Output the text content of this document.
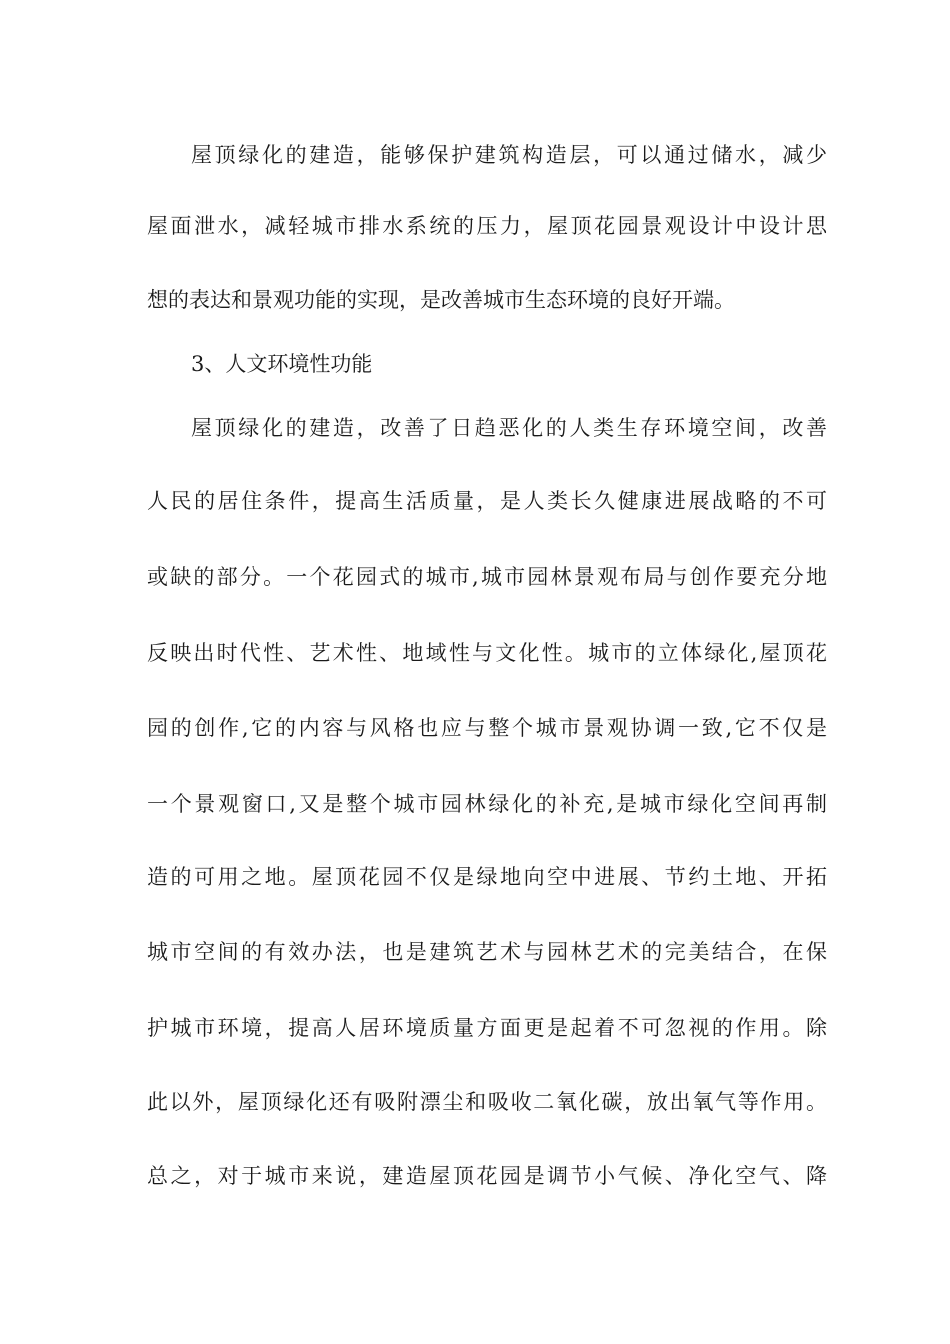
屋顶绿化的建造，能够保护建筑构造层，可以通过储水，减少
屋面泄水，减轻城市排水系统的压力，屋顶花园景观设计中设计思
想的表达和景观功能的实现，是改善城市生态环境的良好开端。
3、人文环境性功能
屋顶绿化的建造，改善了日趋恶化的人类生存环境空间，改善
人民的居住条件，提高生活质量，是人类长久健康进展战略的不可
或缺的部分。一个花园式的城市,城市园林景观布局与创作要充分地
反映出时代性、艺术性、地域性与文化性。城市的立体绿化,屋顶花
园的创作,它的内容与风格也应与整个城市景观协调一致,它不仅是
一个景观窗口,又是整个城市园林绿化的补充,是城市绿化空间再制
造的可用之地。屋顶花园不仅是绿地向空中进展、节约土地、开拓
城市空间的有效办法，也是建筑艺术与园林艺术的完美结合，在保
护城市环境，提高人居环境质量方面更是起着不可忽视的作用。除
此以外，屋顶绿化还有吸附漂尘和吸收二氧化碳，放出氧气等作用。
总之，对于城市来说，建造屋顶花园是调节小气候、净化空气、降
